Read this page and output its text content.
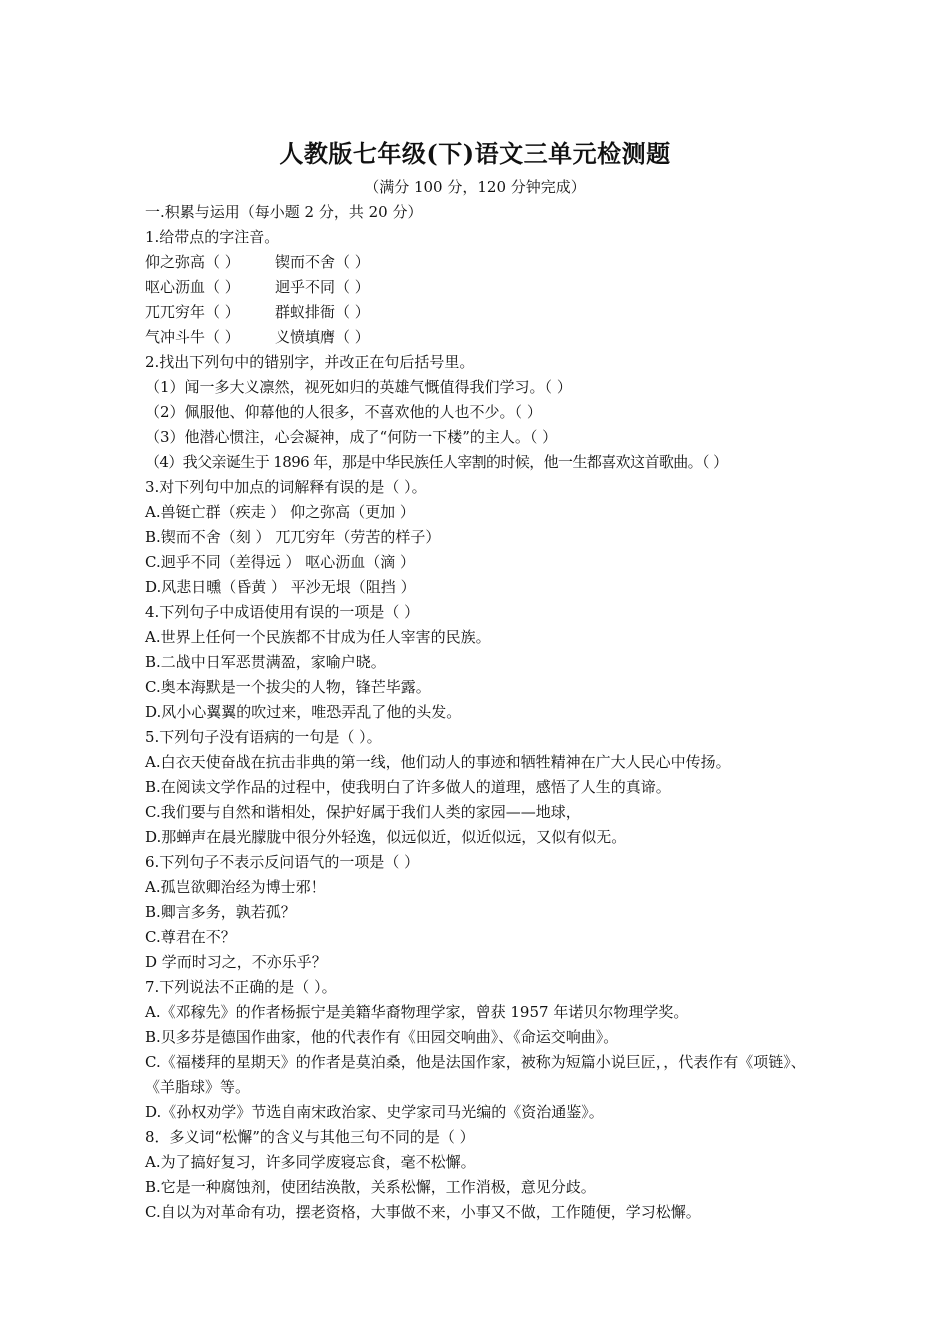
人教版七年级(下)语文三单元检测题
（满分 100 分，120 分钟完成）
一.积累与运用（每小题 2 分，共 20 分）
1.给带点的字注音。
仰之弥高（ ） 锲而不舍（ ）
呕心沥血（ ） 迥乎不同（ ）
兀兀穷年（ ） 群蚁排衙（ ）
气冲斗牛（ ） 义愤填膺（ ）
2.找出下列句中的错别字，并改正在句后括号里。
（1）闻一多大义凛然，视死如归的英雄气慨值得我们学习。（ ）
（2）佩服他、仰幕他的人很多，不喜欢他的人也不少。（ ）
（3）他潜心惯注，心会凝神，成了“何防一下楼”的主人。（ ）
（4）我父亲诞生于 1896 年，那是中华民族任人宰割的时候，他一生都喜欢这首歌曲。（ ）
3.对下列句中加点的词解释有误的是（ ）。
A.兽铤亡群（疾走 ） 仰之弥高（更加 ）
B.锲而不舍（刻 ） 兀兀穷年（劳苦的样子）
C.迥乎不同（差得远 ） 呕心沥血（滴 ）
D.风悲日曛（昏黄 ） 平沙无垠（阻挡 ）
4.下列句子中成语使用有误的一项是（ ）
A.世界上任何一个民族都不甘成为任人宰害的民族。
B.二战中日军恶贯满盈，家喻户晓。
C.奥本海默是一个拔尖的人物，锋芒毕露。
D.风小心翼翼的吹过来，唯恐弄乱了他的头发。
5.下列句子没有语病的一句是（ ）。
A.白衣天使奋战在抗击非典的第一线，他们动人的事迹和牺牲精神在广大人民心中传扬。
B.在阅读文学作品的过程中，使我明白了许多做人的道理，感悟了人生的真谛。
C.我们要与自然和谐相处，保护好属于我们人类的家园——地球，
D.那蝉声在晨光朦胧中很分外轻逸，似远似近，似近似远，又似有似无。
6.下列句子不表示反问语气的一项是（ ）
A.孤岂欲卿治经为博士邪！
B.卿言多务，孰若孤？
C.尊君在不？
D 学而时习之，不亦乐乎？
7.下列说法不正确的是（ ）。
A.《邓稼先》的作者杨振宁是美籍华裔物理学家，曾获 1957 年诺贝尔物理学奖。
B.贝多芬是德国作曲家，他的代表作有《田园交响曲》、《命运交响曲》。
C.《福楼拜的星期天》的作者是莫泊桑，他是法国作家，被称为短篇小说巨匠，，代表作有《项链》、《羊脂球》等。
D.《孙权劝学》节选自南宋政治家、史学家司马光编的《资治通鉴》。
8．多义词“松懈”的含义与其他三句不同的是（ ）
A.为了搞好复习，许多同学废寝忘食，毫不松懈。
B.它是一种腐蚀剂，使团结涣散，关系松懈，工作消极，意见分歧。
C.自以为对革命有功，摆老资格，大事做不来，小事又不做，工作随便，学习松懈。
